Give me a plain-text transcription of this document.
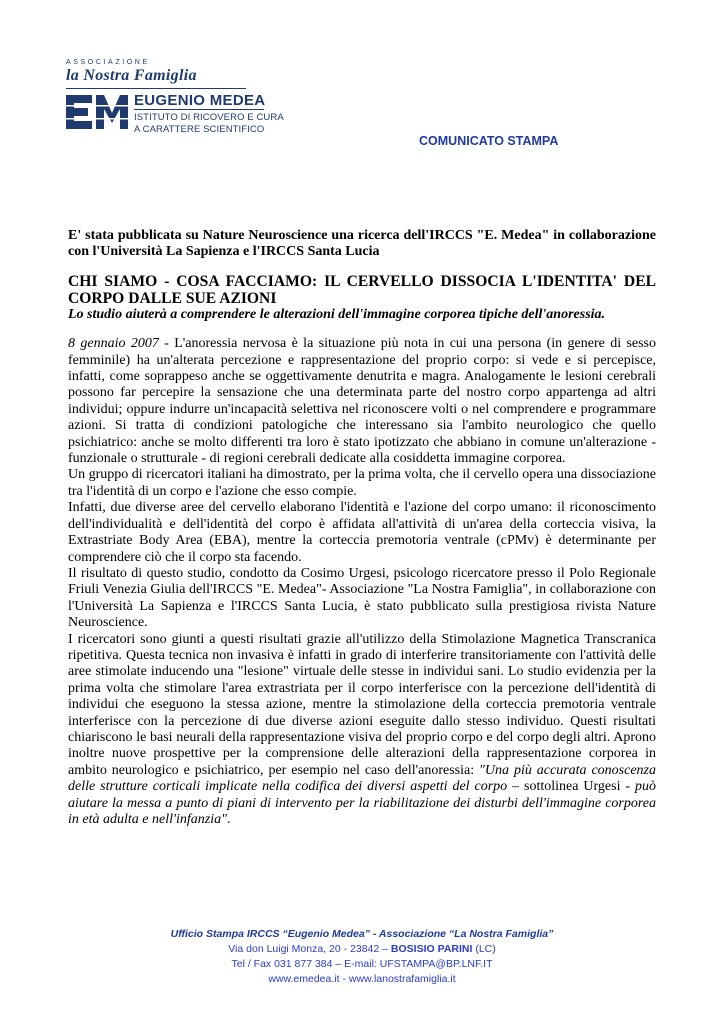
ASSOCIAZIONE
la Nostra Famiglia
EUGENIO MEDEA
ISTITUTO DI RICOVERO E CURA
A CARATTERE SCIENTIFICO
COMUNICATO STAMPA

E' stata pubblicata su Nature Neuroscience una ricerca dell'IRCCS "E. Medea" in collaborazione con l'Università La Sapienza e l'IRCCS Santa Lucia

CHI SIAMO - COSA FACCIAMO: IL CERVELLO DISSOCIA L'IDENTITA' DEL CORPO DALLE SUE AZIONI

Lo studio aiuterà a comprendere le alterazioni dell'immagine corporea tipiche dell'anoressia.

8 gennaio 2007 - L'anoressia nervosa è la situazione più nota in cui una persona (in genere di sesso femminile) ha un'alterata percezione e rappresentazione del proprio corpo: si vede e si percepisce, infatti, come soprappeso anche se oggettivamente denutrita e magra. Analogamente le lesioni cerebrali possono far percepire la sensazione che una determinata parte del nostro corpo appartenga ad altri individui; oppure indurre un'incapacità selettiva nel riconoscere volti o nel comprendere e programmare azioni. Si tratta di condizioni patologiche che interessano sia l'ambito neurologico che quello psichiatrico: anche se molto differenti tra loro è stato ipotizzato che abbiano in comune un'alterazione - funzionale o strutturale - di regioni cerebrali dedicate alla cosiddetta immagine corporea.

Un gruppo di ricercatori italiani ha dimostrato, per la prima volta, che il cervello opera una dissociazione tra l'identità di un corpo e l'azione che esso compie.

Infatti, due diverse aree del cervello elaborano l'identità e l'azione del corpo umano: il riconoscimento dell'individualità e dell'identità del corpo è affidata all'attività di un'area della corteccia visiva, la Extrastriate Body Area (EBA), mentre la corteccia premotoria ventrale (cPMv) è determinante per comprendere ciò che il corpo sta facendo.

Il risultato di questo studio, condotto da Cosimo Urgesi, psicologo ricercatore presso il Polo Regionale Friuli Venezia Giulia dell'IRCCS "E. Medea"- Associazione "La Nostra Famiglia", in collaborazione con l'Università La Sapienza e l'IRCCS Santa Lucia, è stato pubblicato sulla prestigiosa rivista Nature Neuroscience.

I ricercatori sono giunti a questi risultati grazie all'utilizzo della Stimolazione Magnetica Transcranica ripetitiva. Questa tecnica non invasiva è infatti in grado di interferire transitoriamente con l'attività delle aree stimolate inducendo una "lesione" virtuale delle stesse in individui sani. Lo studio evidenzia per la prima volta che stimolare l'area extrastriata per il corpo interferisce con la percezione dell'identità di individui che eseguono la stessa azione, mentre la stimolazione della corteccia premotoria ventrale interferisce con la percezione di due diverse azioni eseguite dallo stesso individuo. Questi risultati chiariscono le basi neurali della rappresentazione visiva del proprio corpo e del corpo degli altri. Aprono inoltre nuove prospettive per la comprensione delle alterazioni della rappresentazione corporea in ambito neurologico e psichiatrico, per esempio nel caso dell'anoressia: "Una più accurata conoscenza delle strutture corticali implicate nella codifica dei diversi aspetti del corpo – sottolinea Urgesi - può aiutare la messa a punto di piani di intervento per la riabilitazione dei disturbi dell'immagine corporea in età adulta e nell'infanzia".

Ufficio Stampa IRCCS “Eugenio Medea” - Associazione “La Nostra Famiglia”
Via don Luigi Monza, 20 - 23842 – BOSISIO PARINI (LC)
Tel / Fax 031 877 384 – E-mail: UFSTAMPA@BP.LNF.IT
www.emedea.it - www.lanostrafamiglia.it
